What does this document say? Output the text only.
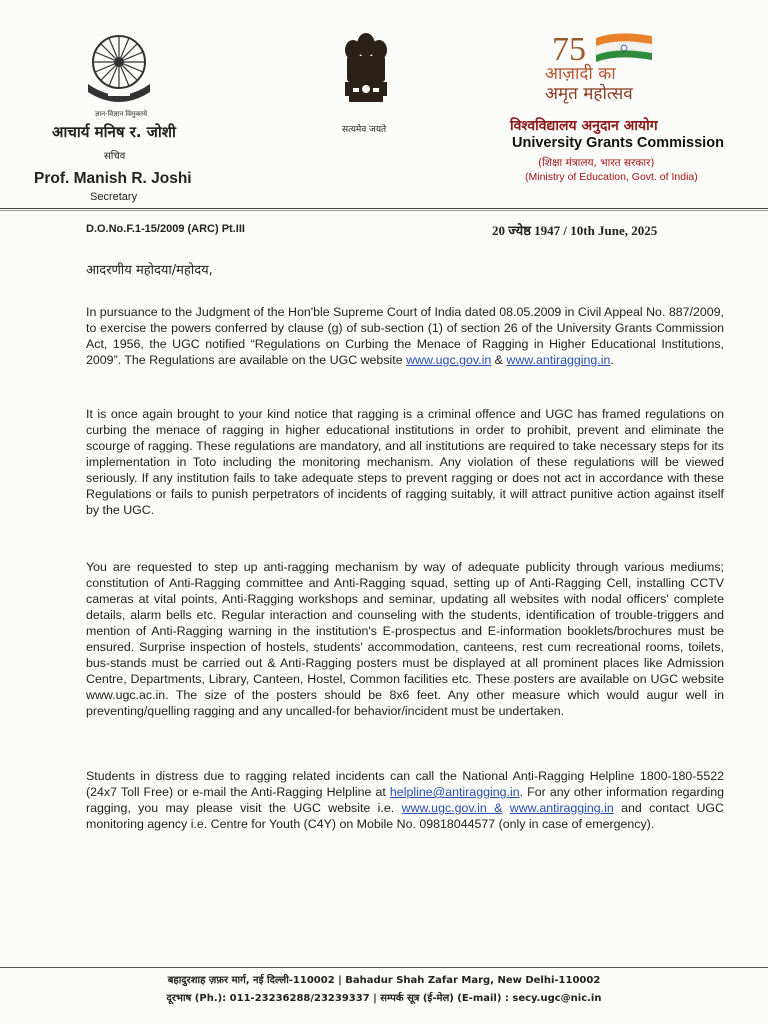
ज्ञान-विज्ञान विमुक्तये
आचार्य मनिष र. जोशी
सचिव
Prof. Manish R. Joshi
Secretary
सत्यमेव जयते
75
आज़ादी का
अमृत महोत्सव
विश्वविद्यालय अनुदान आयोग
University Grants Commission
(शिक्षा मंत्रालय, भारत सरकार)
(Ministry of Education, Govt. of India)
D.O.No.F.1-15/2009 (ARC) Pt.III	20 ज्येष्ठ 1947 / 10th June, 2025
आदरणीय महोदया/महोदय,
In pursuance to the Judgment of the Hon'ble Supreme Court of India dated 08.05.2009 in Civil Appeal No. 887/2009, to exercise the powers conferred by clause (g) of sub-section (1) of section 26 of the University Grants Commission Act, 1956, the UGC notified “Regulations on Curbing the Menace of Ragging in Higher Educational Institutions, 2009”. The Regulations are available on the UGC website www.ugc.gov.in & www.antiragging.in.
It is once again brought to your kind notice that ragging is a criminal offence and UGC has framed regulations on curbing the menace of ragging in higher educational institutions in order to prohibit, prevent and eliminate the scourge of ragging. These regulations are mandatory, and all institutions are required to take necessary steps for its implementation in Toto including the monitoring mechanism. Any violation of these regulations will be viewed seriously. If any institution fails to take adequate steps to prevent ragging or does not act in accordance with these Regulations or fails to punish perpetrators of incidents of ragging suitably, it will attract punitive action against itself by the UGC.
You are requested to step up anti-ragging mechanism by way of adequate publicity through various mediums; constitution of Anti-Ragging committee and Anti-Ragging squad, setting up of Anti-Ragging Cell, installing CCTV cameras at vital points, Anti-Ragging workshops and seminar, updating all websites with nodal officers' complete details, alarm bells etc. Regular interaction and counseling with the students, identification of trouble-triggers and mention of Anti-Ragging warning in the institution's E-prospectus and E-information booklets/brochures must be ensured. Surprise inspection of hostels, students' accommodation, canteens, rest cum recreational rooms, toilets, bus-stands must be carried out & Anti-Ragging posters must be displayed at all prominent places like Admission Centre, Departments, Library, Canteen, Hostel, Common facilities etc. These posters are available on UGC website www.ugc.ac.in. The size of the posters should be 8x6 feet. Any other measure which would augur well in preventing/quelling ragging and any uncalled-for behavior/incident must be undertaken.
Students in distress due to ragging related incidents can call the National Anti-Ragging Helpline 1800-180-5522 (24x7 Toll Free) or e-mail the Anti-Ragging Helpline at helpline@antiragging.in. For any other information regarding ragging, you may please visit the UGC website i.e. www.ugc.gov.in & www.antiragging.in and contact UGC monitoring agency i.e. Centre for Youth (C4Y) on Mobile No. 09818044577 (only in case of emergency).
बहादुरशाह ज़फ़र मार्ग, नई दिल्ली-110002 | Bahadur Shah Zafar Marg, New Delhi-110002
दूरभाष (Ph.): 011-23236288/23239337 | सम्पर्क सूत्र (ई-मेल) (E-mail) : secy.ugc@nic.in
